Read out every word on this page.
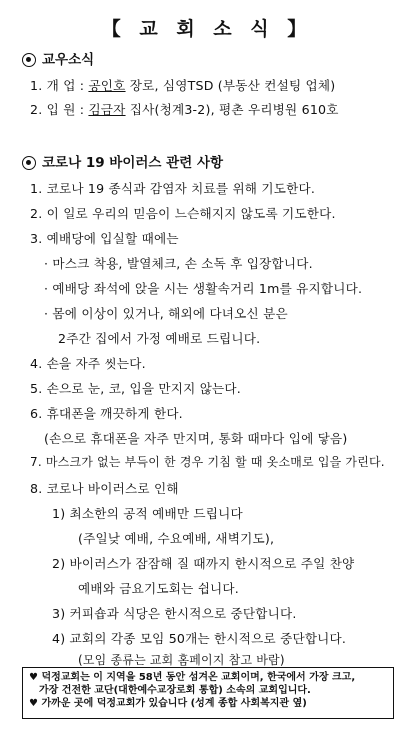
【 교 회 소 식 】
교우소식
1. 개 업 : 공인호 장로, 심영TSD (부동산 컨설팅 업체)
2. 입 원 : 김금자 집사(청계3-2), 평촌 우리병원 610호
코로나 19 바이러스 관련 사항
1. 코로나 19 종식과 감염자 치료를 위해 기도한다.
2. 이 일로 우리의 믿음이 느슨해지지 않도록 기도한다.
3. 예배당에 입실할 때에는
· 마스크 착용, 발열체크, 손 소독 후 입장합니다.
· 예배당 좌석에 앉을 시는 생활속거리 1m를 유지합니다.
· 몸에 이상이 있거나, 해외에 다녀오신 분은
2주간 집에서 가정 예배로 드립니다.
4. 손을 자주 씻는다.
5. 손으로 눈, 코, 입을 만지지 않는다.
6. 휴대폰을 깨끗하게 한다.
(손으로 휴대폰을 자주 만지며, 통화 때마다 입에 닿음)
7. 마스크가 없는 부득이 한 경우 기침 할 때 옷소매로 입을 가린다.
8. 코로나 바이러스로 인해
1) 최소한의 공적 예배만 드립니다
(주일낮 예배, 수요예배, 새벽기도),
2) 바이러스가 잠잠해 질 때까지 한시적으로 주일 찬양
예배와 금요기도회는 쉽니다.
3) 커피숍과 식당은 한시적으로 중단합니다.
4) 교회의 각종 모임 50개는 한시적으로 중단합니다.
(모임 종류는 교회 홈페이지 참고 바람)
♥ 덕정교회는 이 지역을 58년 동안 섬겨온 교회이며, 한국에서 가장 크고,
가장 건전한 교단(대한예수교장로회 통합) 소속의 교회입니다.
♥ 가까운 곳에 덕정교회가 있습니다 (성계 종합 사회복지관 옆)
